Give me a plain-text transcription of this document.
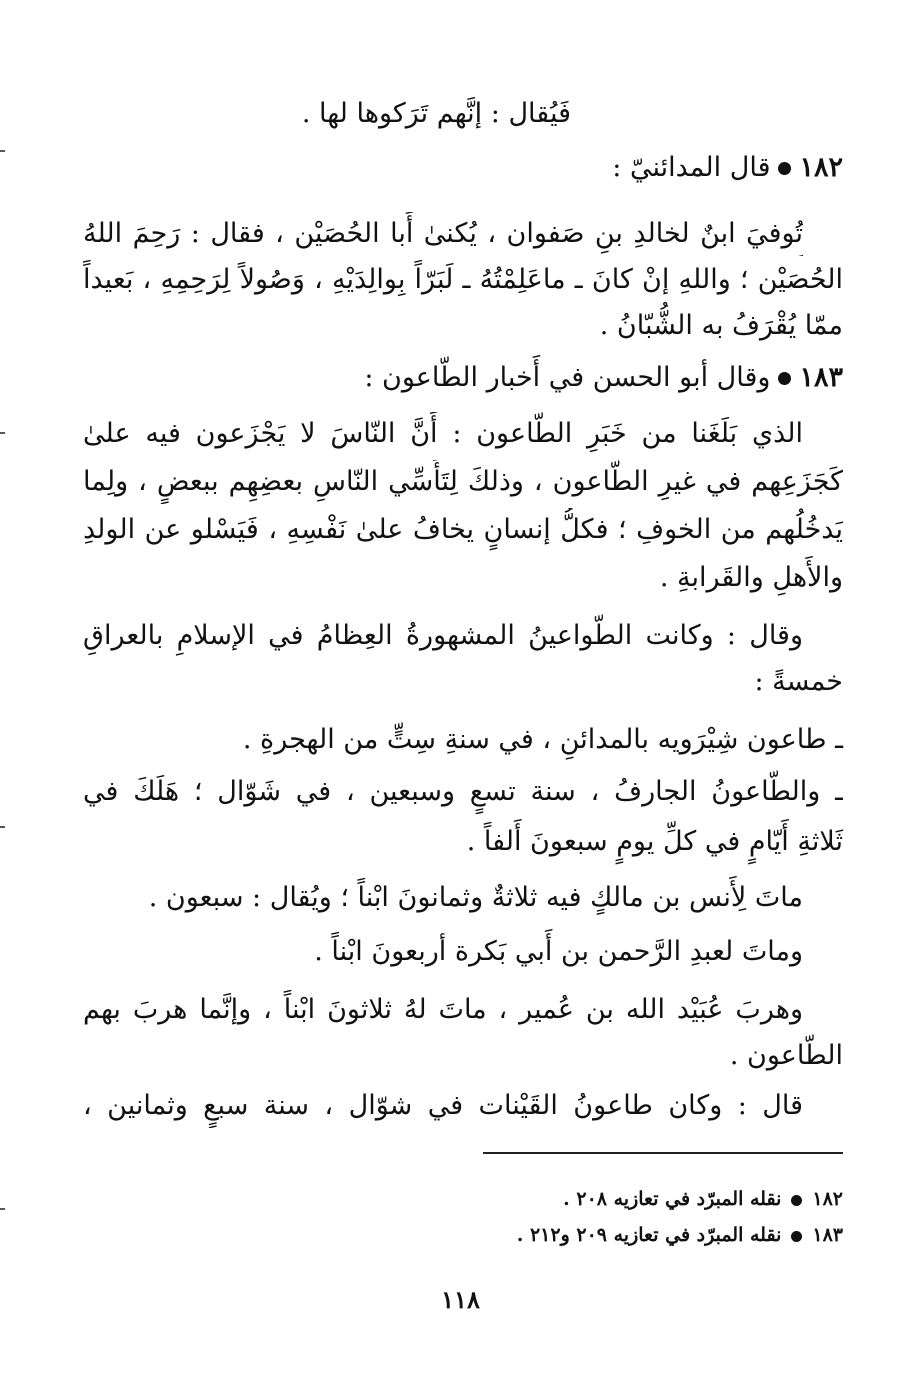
فَيُقال : إنَّهم تَرَكوها لها .
١٨٢قال المدائنيّ :
تُوفيَ ابنٌ لخالدِ بنِ صَفوان ، يُكنىٰ أَبا الحُصَيْن ، فقال : رَحِمَ اللهُ
الحُصَيْن ؛ واللهِ إنْ كانَ ـ ماعَلِمْتُهُ ـ لَبَرّاً بِوالِدَيْهِ ، وَصُولاً لِرَحِمِهِ ، بَعيداً
ممّا يُقْرَفُ به الشُّبّانُ .
١٨٣وقال أبو الحسن في أَخبار الطّاعون :
الذي بَلَغَنا من خَبَرِ الطّاعون : أَنَّ النّاسَ لا يَجْزَعون فيه علىٰ
كَجَزَعِهم في غيرِ الطّاعون ، وذلكَ لِتَأَسِّي النّاسِ بعضِهِم ببعضٍ ، ولِما
يَدخُلُهم من الخوفِ ؛ فكلُّ إنسانٍ يخافُ علىٰ نَفْسِهِ ، فَيَسْلو عن الولدِ
والأَهلِ والقَرابةِ .
وقال : وكانت الطّواعينُ المشهورةُ العِظامُ في الإسلامِ بالعراقِ
خمسةً :
ـ طاعون شِيْرَويه بالمدائنِ ، في سنةِ سِتٍّ من الهجرةِ .
ـ والطّاعونُ الجارفُ ، سنة تسعٍ وسبعين ، في شَوّال ؛ هَلَكَ في
ثَلاثةِ أَيّامٍ في كلِّ يومٍ سبعونَ أَلفاً .
ماتَ لِأَنس بن مالكٍ فيه ثلاثةٌ وثمانونَ ابْناً ؛ ويُقال : سبعون .
وماتَ لعبدِ الرَّحمن بن أَبي بَكرة أربعونَ ابْناً .
وهربَ عُبَيْد الله بن عُمير ، ماتَ لهُ ثلاثونَ ابْناً ، وإنَّما هربَ بهم
الطّاعون .
قال : وكان طاعونُ القَيْنات في شوّال ، سنة سبعٍ وثمانين ،
١٨٢نقله المبرّد في تعازيه ٢٠٨ .
١٨٣نقله المبرّد في تعازيه ٢٠٩ و٢١٢ .
١١٨
